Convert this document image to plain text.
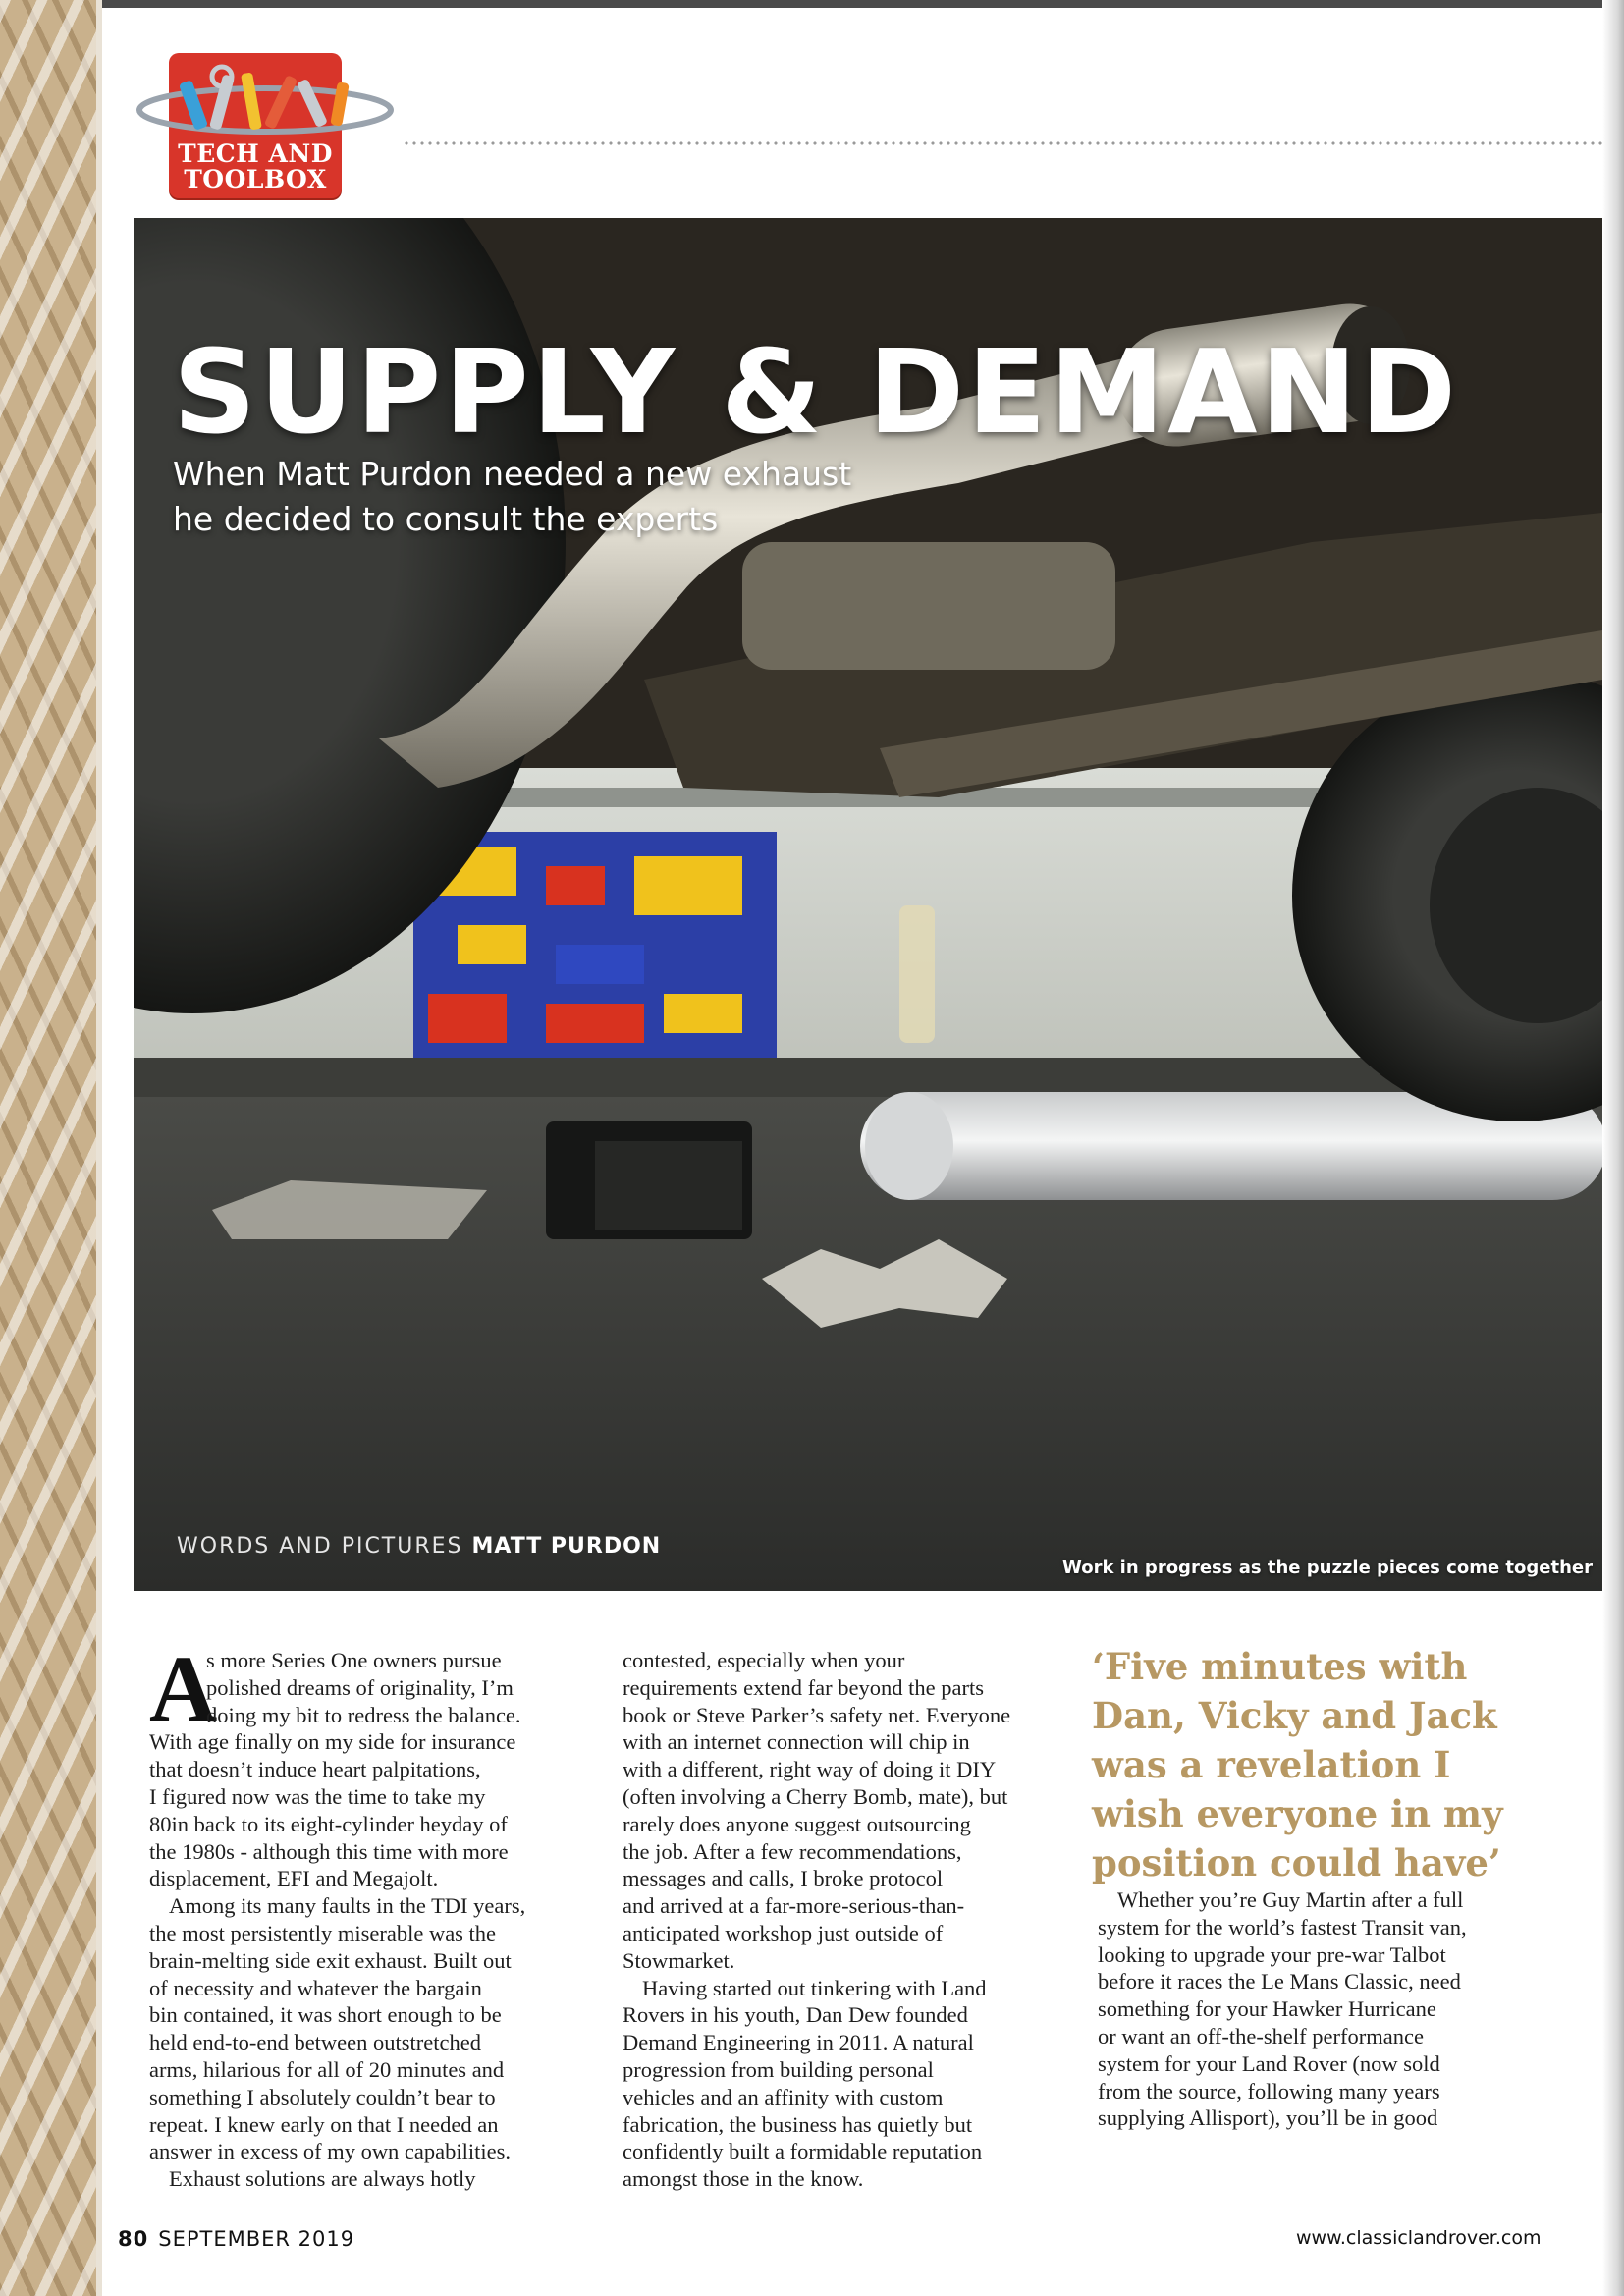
TECH AND
TOOLBOX
SUPPLY & DEMAND
When Matt Purdon needed a new exhaust
he decided to consult the experts
WORDS AND PICTURES MATT PURDON
Work in progress as the puzzle pieces come together
A
s more Series One owners pursue
polished dreams of originality, I’m
doing my bit to redress the balance.
With age finally on my side for insurance
that doesn’t induce heart palpitations,
I figured now was the time to take my
80in back to its eight-cylinder heyday of
the 1980s - although this time with more
displacement, EFI and Megajolt.
Among its many faults in the TDI years,
the most persistently miserable was the
brain-melting side exit exhaust. Built out
of necessity and whatever the bargain
bin contained, it was short enough to be
held end-to-end between outstretched
arms, hilarious for all of 20 minutes and
something I absolutely couldn’t bear to
repeat. I knew early on that I needed an
answer in excess of my own capabilities.
Exhaust solutions are always hotly
contested, especially when your
requirements extend far beyond the parts
book or Steve Parker’s safety net. Everyone
with an internet connection will chip in
with a different, right way of doing it DIY
(often involving a Cherry Bomb, mate), but
rarely does anyone suggest outsourcing
the job. After a few recommendations,
messages and calls, I broke protocol
and arrived at a far-more-serious-than-
anticipated workshop just outside of
Stowmarket.
Having started out tinkering with Land
Rovers in his youth, Dan Dew founded
Demand Engineering in 2011. A natural
progression from building personal
vehicles and an affinity with custom
fabrication, the business has quietly but
confidently built a formidable reputation
amongst those in the know.
‘Five minutes with
Dan, Vicky and Jack
was a revelation I
wish everyone in my
position could have’
Whether you’re Guy Martin after a full
system for the world’s fastest Transit van,
looking to upgrade your pre-war Talbot
before it races the Le Mans Classic, need
something for your Hawker Hurricane
or want an off-the-shelf performance
system for your Land Rover (now sold
from the source, following many years
supplying Allisport), you’ll be in good
80 SEPTEMBER 2019	www.classiclandrover.com
